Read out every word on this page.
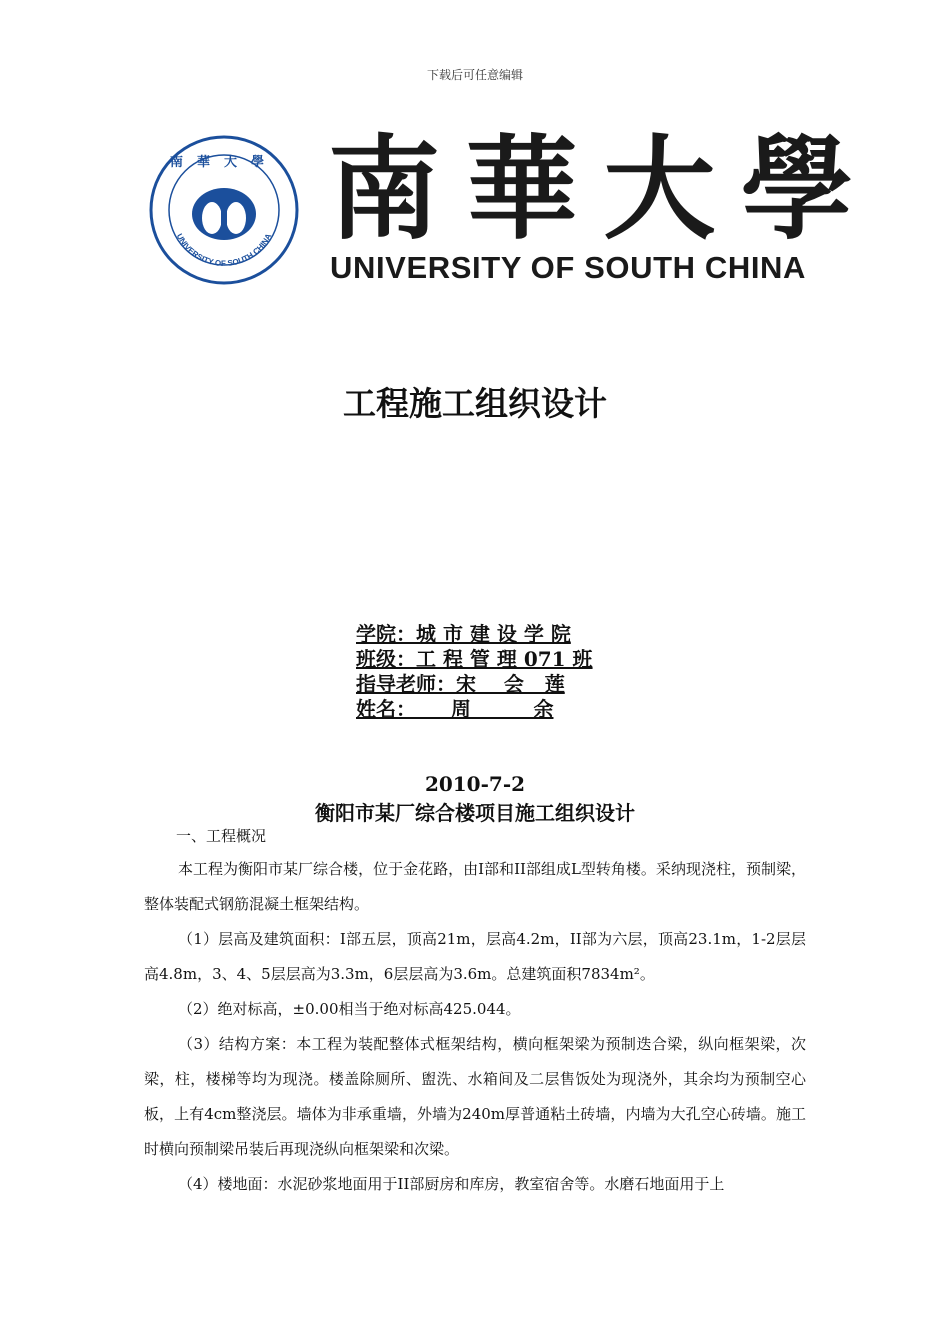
下载后可任意编辑
UNIVERSITY OF SOUTH CHINA
南華大學 南 華 大 學
UNIVERSITY OF SOUTH CHINA
工程施工组织设计
学院：城 市 建 设 学 院
班级：工 程 管 理 071 班
指导老师：宋    会   莲
姓名：     周         余
2010-7-2
衡阳市某厂综合楼项目施工组织设计
一、工程概况

本工程为衡阳市某厂综合楼，位于金花路，由I部和II部组成L型转角楼。采纳现浇柱，预制梁，整体装配式钢筋混凝土框架结构。

（1）层高及建筑面积：I部五层，顶高21m，层高4.2m，II部为六层，顶高23.1m，1-2层层高4.8m，3、4、5层层高为3.3m，6层层高为3.6m。总建筑面积7834m²。

（2）绝对标高，±0.00相当于绝对标高425.044。

（3）结构方案：本工程为装配整体式框架结构，横向框架梁为预制迭合梁，纵向框架梁，次梁，柱，楼梯等均为现浇。楼盖除厕所、盥洗、水箱间及二层售饭处为现浇外，其余均为预制空心板，上有4cm整浇层。墙体为非承重墙，外墙为240m厚普通粘土砖墙，内墙为大孔空心砖墙。施工时横向预制梁吊装后再现浇纵向框架梁和次梁。

（4）楼地面：水泥砂浆地面用于II部厨房和库房，教室宿舍等。水磨石地面用于上
